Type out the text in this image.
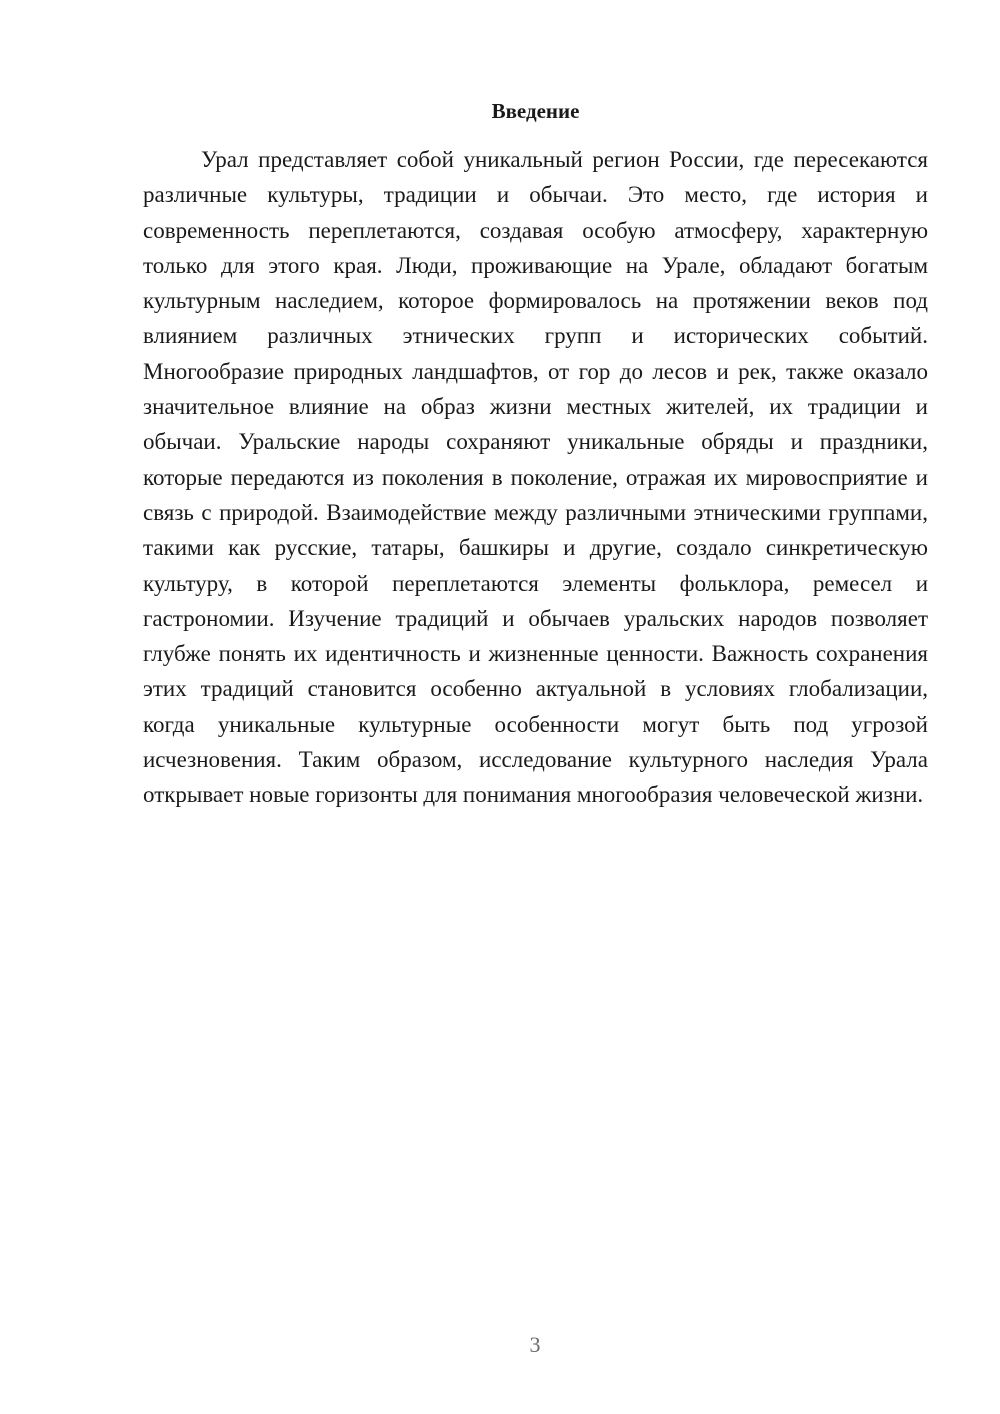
Введение

Урал представляет собой уникальный регион России, где пересекаются различные культуры, традиции и обычаи. Это место, где история и современность переплетаются, создавая особую атмосферу, характерную только для этого края. Люди, проживающие на Урале, обладают богатым культурным наследием, которое формировалось на протяжении веков под влиянием различных этнических групп и исторических событий. Многообразие природных ландшафтов, от гор до лесов и рек, также оказало значительное влияние на образ жизни местных жителей, их традиции и обычаи. Уральские народы сохраняют уникальные обряды и праздники, которые передаются из поколения в поколение, отражая их мировосприятие и связь с природой. Взаимодействие между различными этническими группами, такими как русские, татары, башкиры и другие, создало синкретическую культуру, в которой переплетаются элементы фольклора, ремесел и гастрономии. Изучение традиций и обычаев уральских народов позволяет глубже понять их идентичность и жизненные ценности. Важность сохранения этих традиций становится особенно актуальной в условиях глобализации, когда уникальные культурные особенности могут быть под угрозой исчезновения. Таким образом, исследование культурного наследия Урала открывает новые горизонты для понимания многообразия человеческой жизни.

3
